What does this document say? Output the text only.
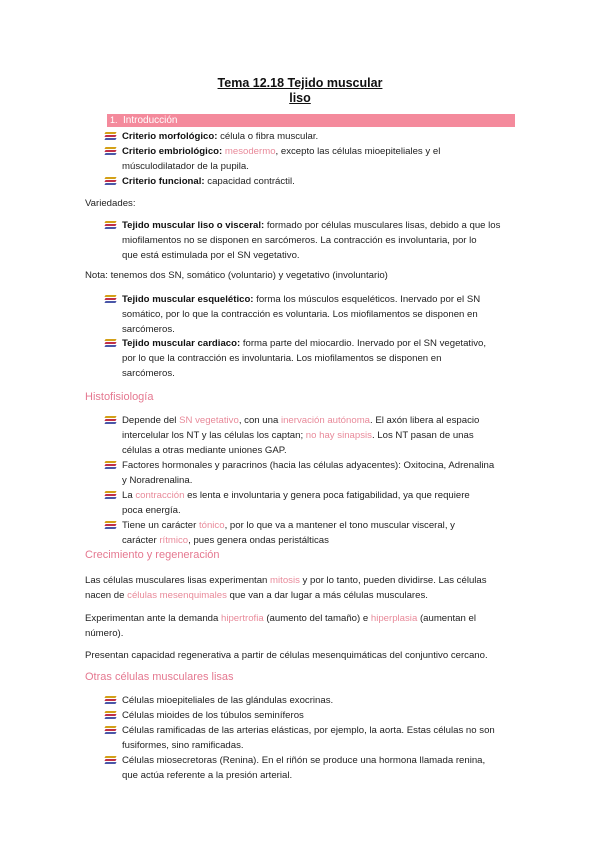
Tema 12.18 Tejido muscular
liso
1. Introducción
Criterio morfológico: célula o fibra muscular.
Criterio embriológico: mesodermo, excepto las células mioepiteliales y el
músculodilatador de la pupila.
Criterio funcional: capacidad contráctil.
Variedades:
Tejido muscular liso o visceral: formado por células musculares lisas, debido a que los
miofilamentos no se disponen en sarcómeros. La contracción es involuntaria, por lo
que está estimulada por el SN vegetativo.
Nota: tenemos dos SN, somático (voluntario) y vegetativo (involuntario)
Tejido muscular esquelético: forma los músculos esqueléticos. Inervado por el SN
somático, por lo que la contracción es voluntaria. Los miofilamentos se disponen en
sarcómeros.
Tejido muscular cardiaco: forma parte del miocardio. Inervado por el SN vegetativo,
por lo que la contracción es involuntaria. Los miofilamentos se disponen en
sarcómeros.
Histofisiología
Depende del SN vegetativo, con una inervación autónoma. El axón libera al espacio
intercelular los NT y las células los captan; no hay sinapsis. Los NT pasan de unas
células a otras mediante uniones GAP.
Factores hormonales y paracrinos (hacia las células adyacentes): Oxitocina, Adrenalina
y Noradrenalina.
La contracción es lenta e involuntaria y genera poca fatigabilidad, ya que requiere
poca energía.
Tiene un carácter tónico, por lo que va a mantener el tono muscular visceral, y
carácter rítmico, pues genera ondas peristálticas
Crecimiento y regeneración
Las células musculares lisas experimentan mitosis y por lo tanto, pueden dividirse. Las células
nacen de células mesenquimales que van a dar lugar a más células musculares.
Experimentan ante la demanda hipertrofia (aumento del tamaño) e hiperplasia (aumentan el
número).
Presentan capacidad regenerativa a partir de células mesenquimáticas del conjuntivo cercano.
Otras células musculares lisas
Células mioepiteliales de las glándulas exocrinas.
Células mioides de los túbulos seminíferos
Células ramificadas de las arterias elásticas, por ejemplo, la aorta. Estas células no son
fusiformes, sino ramificadas.
Células miosecretoras (Renina). En el riñón se produce una hormona llamada renina,
que actúa referente a la presión arterial.
